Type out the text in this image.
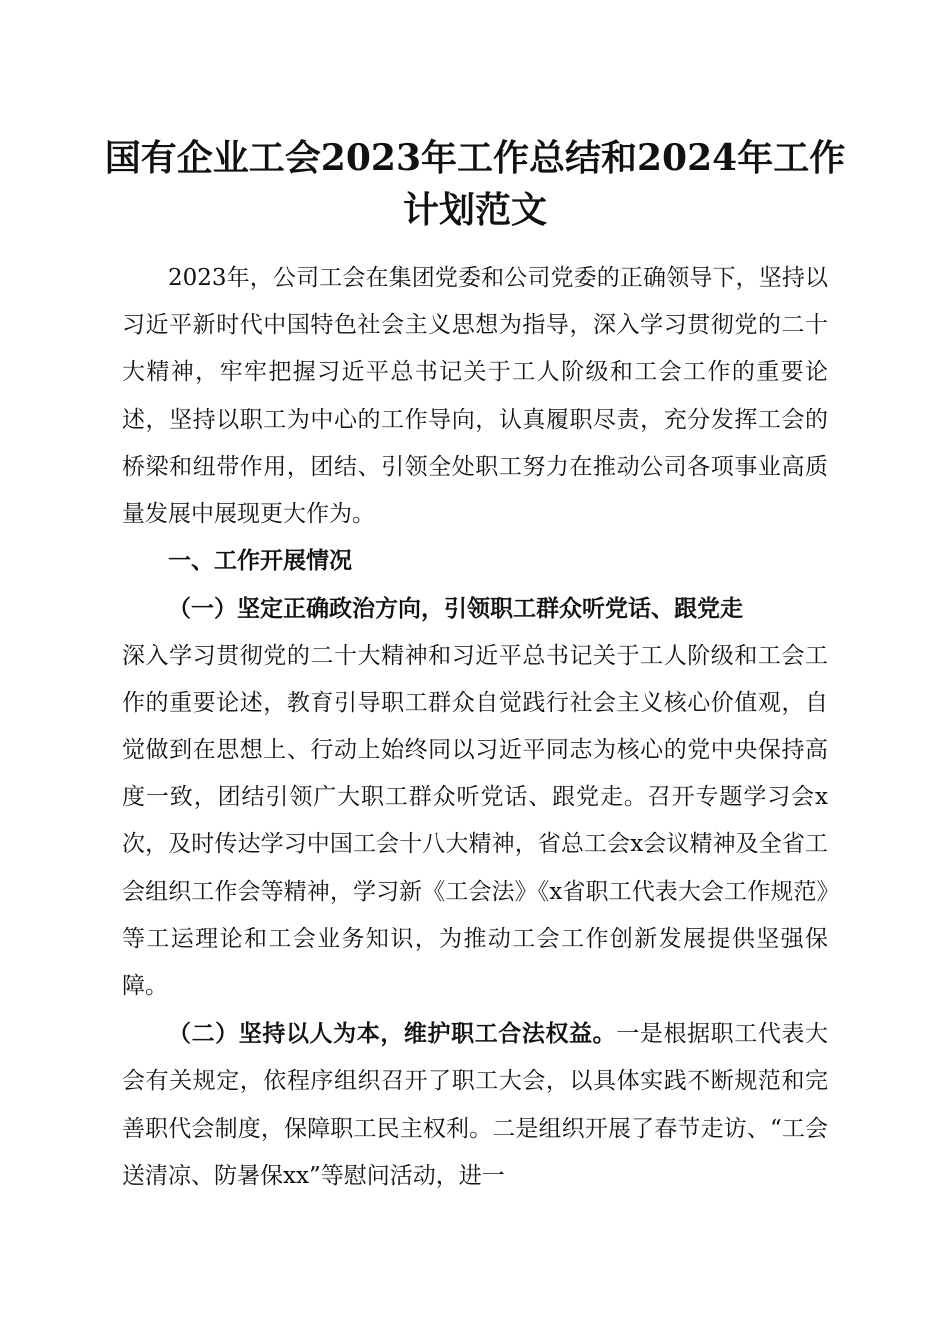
国有企业工会2023年工作总结和2024年工作
计划范文

2023年，公司工会在集团党委和公司党委的正确领导下，坚持以习近平新时代中国特色社会主义思想为指导，深入学习贯彻党的二十大精神，牢牢把握习近平总书记关于工人阶级和工会工作的重要论述，坚持以职工为中心的工作导向，认真履职尽责，充分发挥工会的桥梁和纽带作用，团结、引领全处职工努力在推动公司各项事业高质量发展中展现更大作为。

一、工作开展情况

（一）坚定正确政治方向，引领职工群众听党话、跟党走

深入学习贯彻党的二十大精神和习近平总书记关于工人阶级和工会工作的重要论述，教育引导职工群众自觉践行社会主义核心价值观，自觉做到在思想上、行动上始终同以习近平同志为核心的党中央保持高度一致，团结引领广大职工群众听党话、跟党走。召开专题学习会x次，及时传达学习中国工会十八大精神，省总工会x会议精神及全省工会组织工作会等精神，学习新《工会法》《x省职工代表大会工作规范》等工运理论和工会业务知识，为推动工会工作创新发展提供坚强保障。

（二）坚持以人为本，维护职工合法权益。一是根据职工代表大会有关规定，依程序组织召开了职工大会，以具体实践不断规范和完善职代会制度，保障职工民主权利。二是组织开展了春节走访、“工会送清凉、防暑保xx”等慰问活动，进一
